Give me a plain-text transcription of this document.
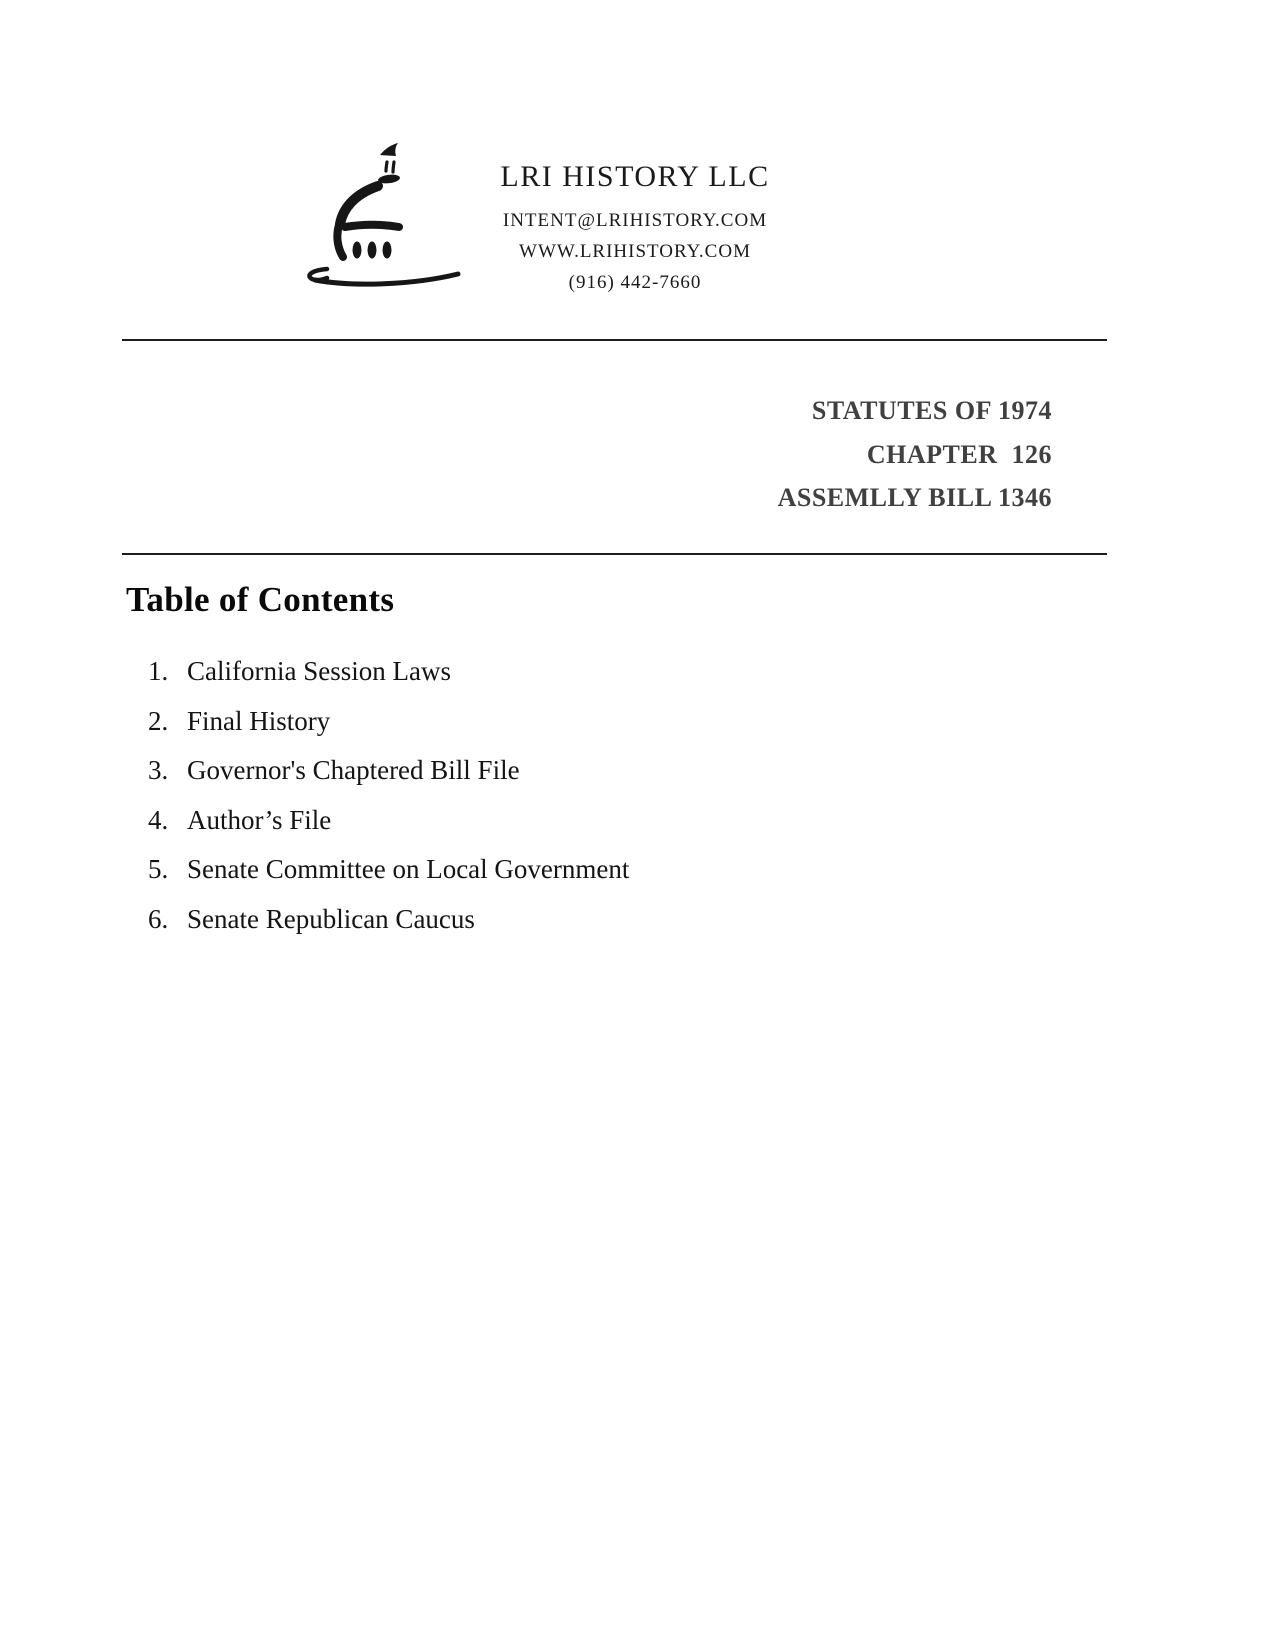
LRI HISTORY LLC
INTENT@LRIHISTORY.COM
WWW.LRIHISTORY.COM
(916) 442-7660
STATUTES OF 1974
CHAPTER  126
ASSEMLLY BILL 1346
Table of Contents
1. California Session Laws
2. Final History
3. Governor's Chaptered Bill File
4. Author’s File
5. Senate Committee on Local Government
6. Senate Republican Caucus
